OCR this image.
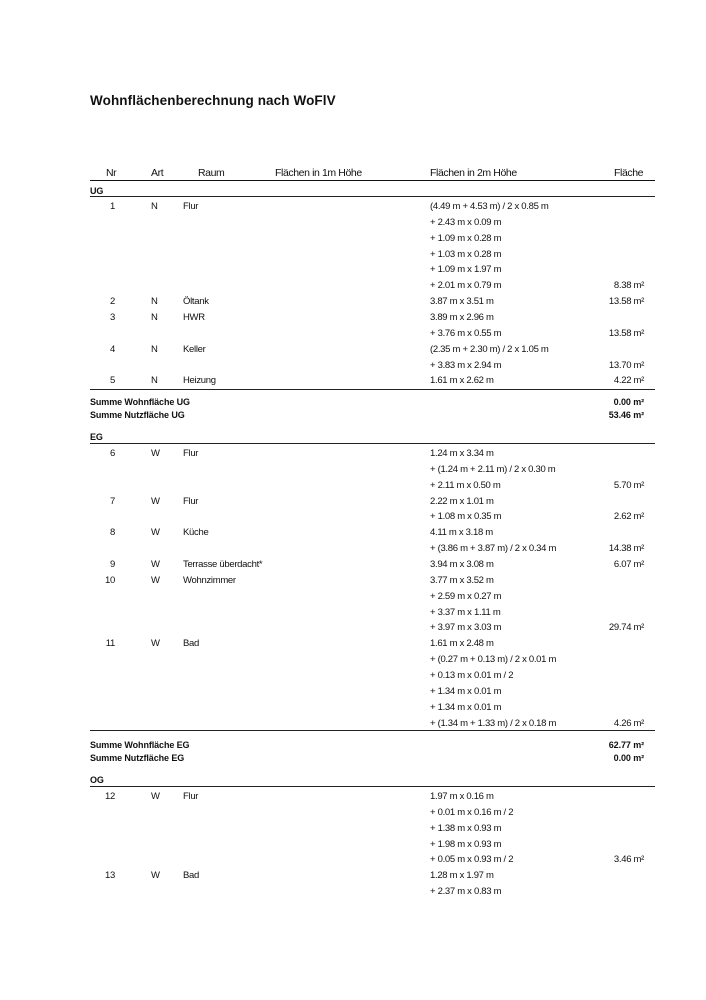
Wohnflächenberechnung nach WoFlV
Nr	Art	Raum	Flächen in 1m Höhe	Flächen in 2m Höhe	Fläche
UG
1	N	Flur	(4.49 m + 4.53 m) / 2 x 0.85 m
+ 2.43 m x 0.09 m
+ 1.09 m x 0.28 m
+ 1.03 m x 0.28 m
+ 1.09 m x 1.97 m
+ 2.01 m x 0.79 m	8.38 m²
2	N	Öltank	3.87 m x 3.51 m	13.58 m²
3	N	HWR	3.89 m x 2.96 m
+ 3.76 m x 0.55 m	13.58 m²
4	N	Keller	(2.35 m + 2.30 m) / 2 x 1.05 m
+ 3.83 m x 2.94 m	13.70 m²
5	N	Heizung	1.61 m x 2.62 m	4.22 m²
Summe Wohnfläche UG	0.00 m²
Summe Nutzfläche UG	53.46 m²
EG
6	W Flur	1.24 m x 3.34 m
+ (1.24 m + 2.11 m) / 2 x 0.30 m
+ 2.11 m x 0.50 m	5.70 m²
7	W Flur	2.22 m x 1.01 m
+ 1.08 m x 0.35 m	2.62 m²
8	W Küche	4.11 m x 3.18 m
+ (3.86 m + 3.87 m) / 2 x 0.34 m	14.38 m²
9	W Terrasse überdacht*	3.94 m x 3.08 m	6.07 m²
10	W Wohnzimmer	3.77 m x 3.52 m
+ 2.59 m x 0.27 m
+ 3.37 m x 1.11 m
+ 3.97 m x 3.03 m	29.74 m²
11	W Bad	1.61 m x 2.48 m
+ (0.27 m + 0.13 m) / 2 x 0.01 m
+ 0.13 m x 0.01 m / 2
+ 1.34 m x 0.01 m
+ 1.34 m x 0.01 m
+ (1.34 m + 1.33 m) / 2 x 0.18 m	4.26 m²
Summe Wohnfläche EG	62.77 m²
Summe Nutzfläche EG	0.00 m²
OG
12	W Flur	1.97 m x 0.16 m
+ 0.01 m x 0.16 m / 2
+ 1.38 m x 0.93 m
+ 1.98 m x 0.93 m
+ 0.05 m x 0.93 m / 2	3.46 m²
13	W Bad	1.28 m x 1.97 m
+ 2.37 m x 0.83 m
